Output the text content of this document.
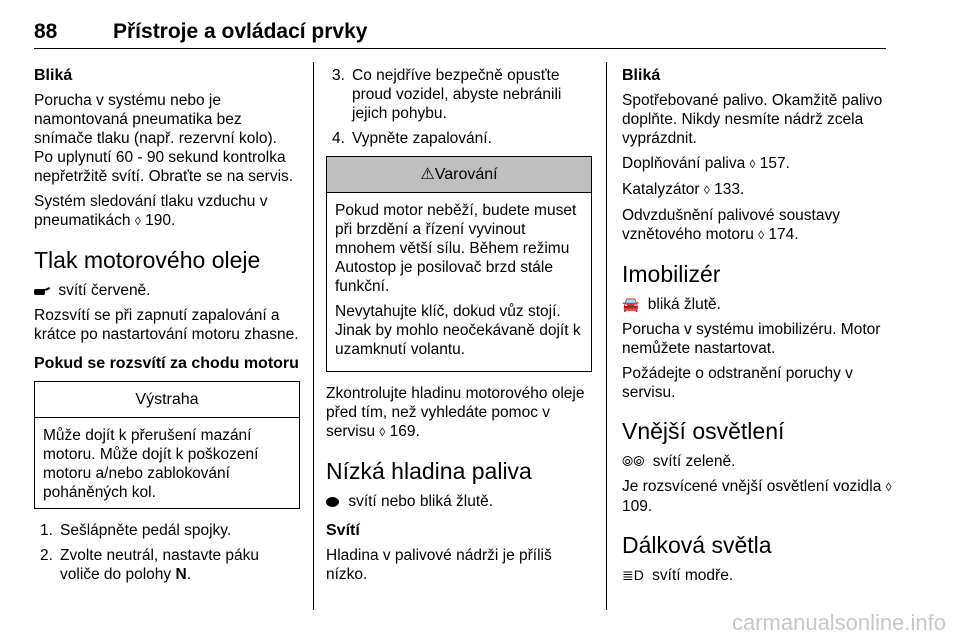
88	Přístroje a ovládací prvky
Bliká

Porucha v systému nebo je namontovaná pneumatika bez snímače tlaku (např. rezervní kolo). Po uplynutí 60 - 90 sekund kontrolka nepřetržitě svítí. Obraťte se na servis.

Systém sledování tlaku vzduchu v pneumatikách ◊ 190.

Tlak motorového oleje

svítí červeně.

Rozsvítí se při zapnutí zapalování a krátce po nastartování motoru zhasne.

Pokud se rozsvítí za chodu motoru
Výstraha
Může dojít k přerušení mazání motoru. Může dojít k poškození motoru a/nebo zablokování poháněných kol.
1. Sešlápněte pedál spojky.
2. Zvolte neutrál, nastavte páku voliče do polohy N.
3. Co nejdříve bezpečně opusťte proud vozidel, abyste nebránili jejich pohybu.
4. Vypněte zapalování.
⚠Varování

Pokud motor neběží, budete muset při brzdění a řízení vyvinout mnohem větší sílu. Během režimu Autostop je posilovač brzd stále funkční.

Nevytahujte klíč, dokud vůz stojí. Jinak by mohlo neočekávaně dojít k uzamknutí volantu.

Zkontrolujte hladinu motorového oleje před tím, než vyhledáte pomoc v servisu ◊ 169.

Nízká hladina paliva

svítí nebo bliká žlutě.

Svítí

Hladina v palivové nádrži je příliš nízko.

Bliká

Spotřebované palivo. Okamžitě palivo doplňte. Nikdy nesmíte nádrž zcela vyprázdnit.

Doplňování paliva ◊ 157.

Katalyzátor ◊ 133.

Odvzdušnění palivové soustavy vznětového motoru ◊ 174.

Imobilizér

🚘 bliká žlutě.

Porucha v systému imobilizéru. Motor nemůžete nastartovat.

Požádejte o odstranění poruchy v servisu.

Vnější osvětlení

⦾⦾ svítí zeleně.

Je rozsvícené vnější osvětlení vozidla ◊ 109.

Dálková světla

≣D svítí modře.

carmanualsonline.info
